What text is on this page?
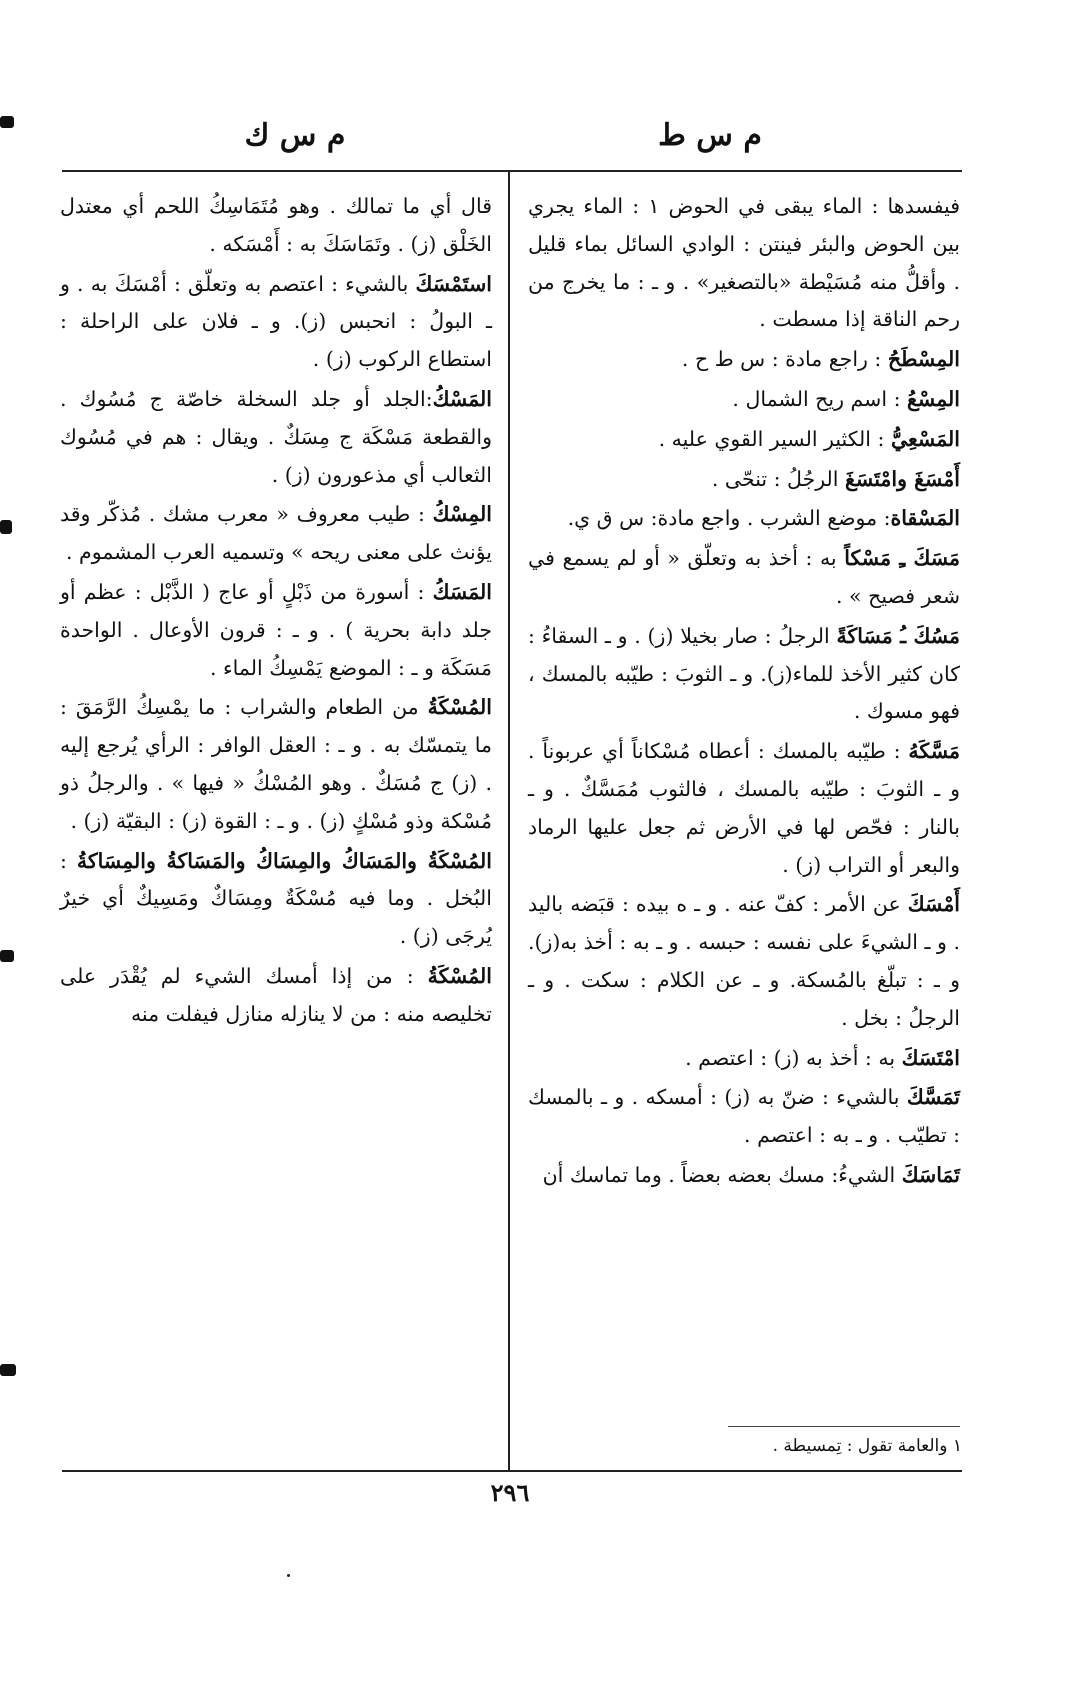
م س ط
م س ك
فيفسدها : الماء يبقى في الحوض ١ : الماء يجري بين الحوض والبئر فينتن : الوادي السائل بماء قليل . وأقلُّ منه مُسَيْطة «بالتصغير» . و ـ : ما يخرج من رحم الناقة إذا مسطت .
المِسْطَحُ : راجع مادة : س ط ح .
المِسْعُ : اسم ريح الشمال .
المَسْعِيُّ : الكثير السير القوي عليه .
أَمْسَغَ وامْتَسَغَ الرجُلُ : تنحّى .
المَسْقاة: موضع الشرب . واجع مادة: س ق ي.
مَسَكَ ـِ مَسْكاً به : أخذ به وتعلّق « أو لم يسمع في شعر فصيح » .
مَسُكَ ـُ مَسَاكَةً الرجلُ : صار بخيلا (ز) . و ـ السقاءُ : كان كثير الأخذ للماء(ز). و ـ الثوبَ : طيّبه بالمسك ، فهو مسوك .
مَسَّكَهُ : طيّبه بالمسك : أعطاه مُسْكاناً أي عربوناً . و ـ الثوبَ : طيّبه بالمسك ، فالثوب مُمَسَّكٌ . و ـ بالنار : فحّص لها في الأرض ثم جعل عليها الرماد والبعر أو التراب (ز) .
أَمْسَكَ عن الأمر : كفّ عنه . و ـ ه بيده : قبَضه باليد . و ـ الشيءَ على نفسه : حبسه . و ـ به : أخذ به(ز). و ـ : تبلّغ بالمُسكة. و ـ عن الكلام : سكت . و ـ الرجلُ : بخل .
امْتَسَكَ به : أخذ به (ز) : اعتصم .
تَمَسَّكَ بالشيء : ضنّ به (ز) : أمسكه . و ـ بالمسك : تطيّب . و ـ به : اعتصم .
تَمَاسَكَ الشيءُ: مسك بعضه بعضاً . وما تماسك أن
قال أي ما تمالك . وهو مُتَمَاسِكُ اللحم أي معتدل الخَلْق (ز) . وتَمَاسَكَ به : أَمْسَكه .
استَمْسَكَ بالشيء : اعتصم به وتعلّق : أمْسَكَ به . و ـ البولُ : انحبس (ز). و ـ فلان على الراحلة : استطاع الركوب (ز) .
المَسْكُ:الجلد أو جلد السخلة خاصّة ج مُسُوك . والقطعة مَسْكَة ج مِسَكٌ . ويقال : هم في مُسُوك الثعالب أي مذعورون (ز) .
المِسْكُ : طيب معروف « معرب مشك . مُذكّر وقد يؤنث على معنى ريحه » وتسميه العرب المشموم .
المَسَكُ : أسورة من ذَبْلٍ أو عاج ( الذَّبْل : عظم أو جلد دابة بحرية ) . و ـ : قرون الأوعال . الواحدة مَسَكَة و ـ : الموضع يَمْسِكُ الماء .
المُسْكَةُ من الطعام والشراب : ما يمْسِكُ الرَّمَقَ : ما يتمسّك به . و ـ : العقل الوافر : الرأي يُرجع إليه . (ز) ج مُسَكٌ . وهو المُسْكُ « فيها » . والرجلُ ذو مُسْكة وذو مُسْكٍ (ز) . و ـ : القوة (ز) : البقيّة (ز) .
المُسْكَةُ والمَسَاكُ والمِسَاكُ والمَسَاكةُ والمِسَاكةُ : البُخل . وما فيه مُسْكَةٌ ومِسَاكٌ ومَسِيكٌ أي خيرٌ يُرجَى (ز) .
المُسْكَةُ : من إذا أمسك الشيء لم يُقْدَر على تخليصه منه : من لا ينازله منازل فيفلت منه
١ والعامة تقول : تِمسيطة .
٢٩٦
